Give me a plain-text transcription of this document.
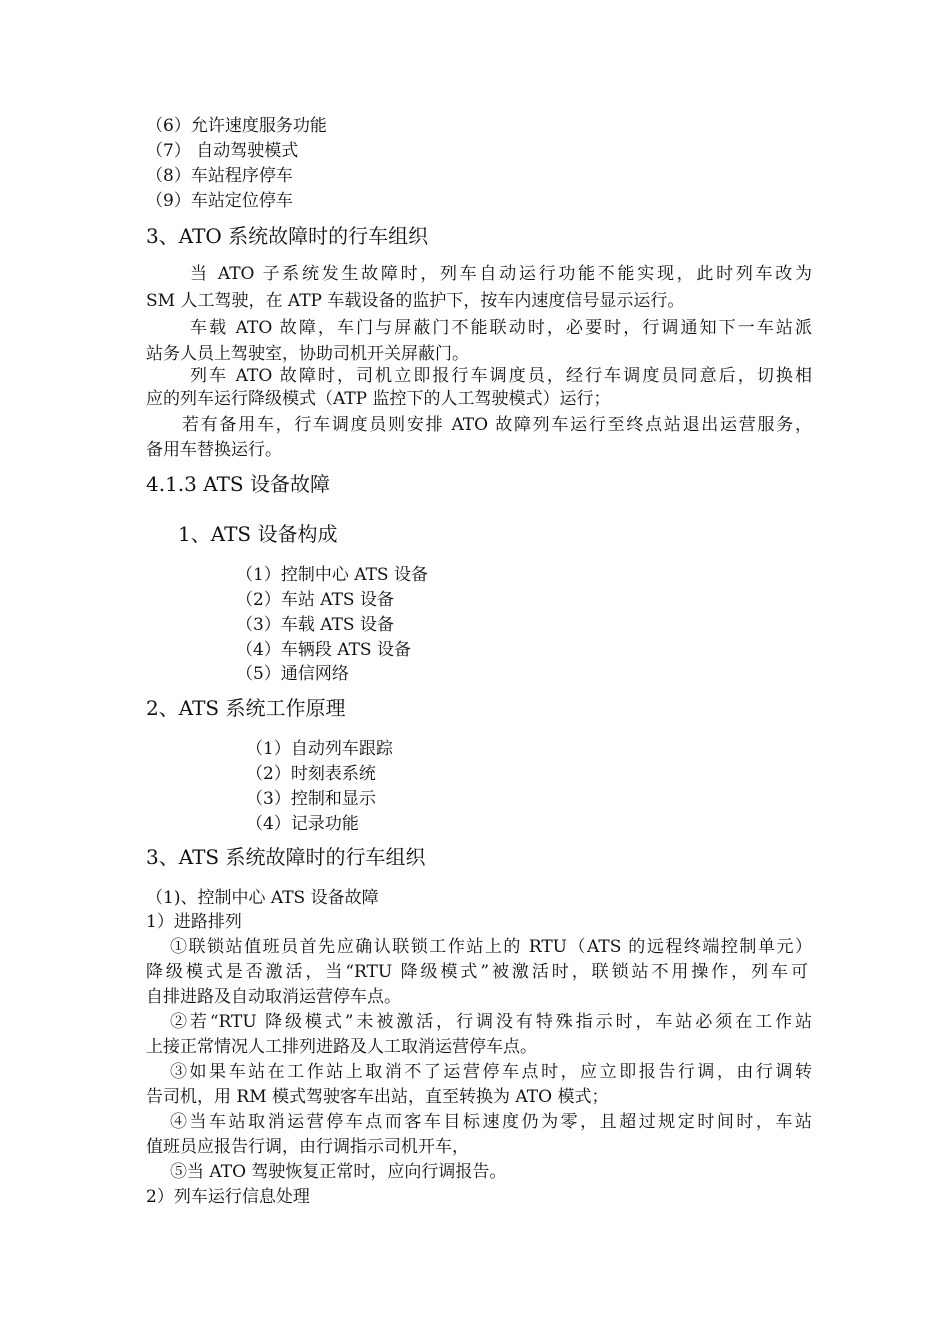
（6）允许速度服务功能
（7） 自动驾驶模式
（8）车站程序停车
（9）车站定位停车
3、ATO 系统故障时的行车组织
当 ATO 子系统发生故障时，列车自动运行功能不能实现，此时列车改为
SM 人工驾驶，在 ATP 车载设备的监护下，按车内速度信号显示运行。
车载 ATO 故障，车门与屏蔽门不能联动时，必要时，行调通知下一车站派
站务人员上驾驶室，协助司机开关屏蔽门。
列车 ATO 故障时，司机立即报行车调度员，经行车调度员同意后，切换相
应的列车运行降级模式（ATP 监控下的人工驾驶模式）运行；
若有备用车，行车调度员则安排 ATO 故障列车运行至终点站退出运营服务，
备用车替换运行。
4.1.3 ATS 设备故障
1、ATS 设备构成
（1）控制中心 ATS 设备
（2）车站 ATS 设备
（3）车载 ATS 设备
（4）车辆段 ATS 设备
（5）通信网络
2、ATS 系统工作原理
（1）自动列车跟踪
（2）时刻表系统
（3）控制和显示
（4）记录功能
3、ATS 系统故障时的行车组织
（1)、控制中心 ATS 设备故障
1）进路排列
①联锁站值班员首先应确认联锁工作站上的 RTU（ATS 的远程终端控制单元）
降级模式是否激活，当“RTU 降级模式”被激活时，联锁站不用操作，列车可
自排进路及自动取消运营停车点。
②若“RTU 降级模式”未被激活，行调没有特殊指示时，车站必须在工作站
上接正常情况人工排列进路及人工取消运营停车点。
③如果车站在工作站上取消不了运营停车点时，应立即报告行调，由行调转
告司机，用 RM 模式驾驶客车出站，直至转换为 ATO 模式；
④当车站取消运营停车点而客车目标速度仍为零，且超过规定时间时，车站
值班员应报告行调，由行调指示司机开车，
⑤当 ATO 驾驶恢复正常时，应向行调报告。
2）列车运行信息处理
